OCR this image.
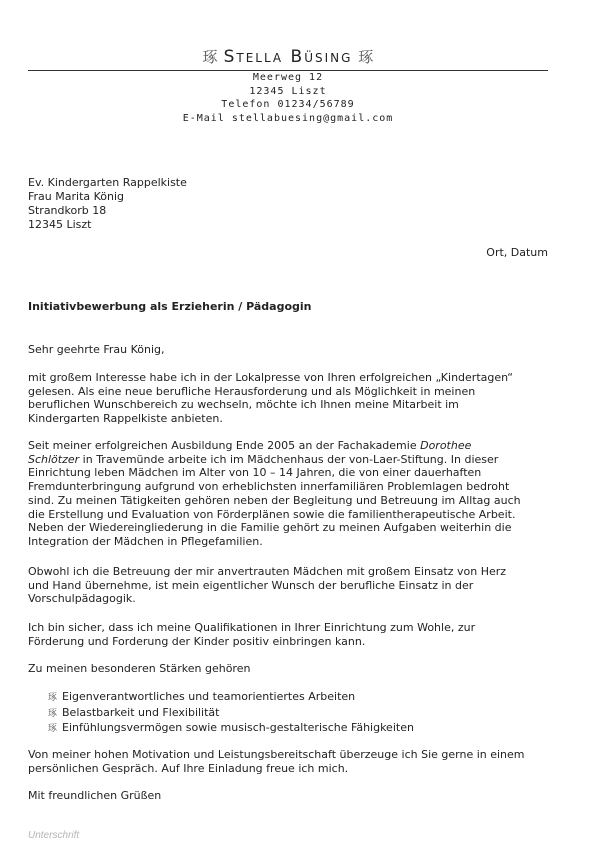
琢 Stella Büsing 琢
Meerweg 12
12345 Liszt
Telefon 01234/56789
E-Mail stellabuesing@gmail.com
Ev. Kindergarten Rappelkiste
Frau Marita König
Strandkorb 18
12345 Liszt
Ort, Datum
Initiativbewerbung als Erzieherin / Pädagogin
Sehr geehrte Frau König,
mit großem Interesse habe ich in der Lokalpresse von Ihren erfolgreichen „Kindertagen“
gelesen. Als eine neue berufliche Herausforderung und als Möglichkeit in meinen
beruflichen Wunschbereich zu wechseln, möchte ich Ihnen meine Mitarbeit im
Kindergarten Rappelkiste anbieten.
Seit meiner erfolgreichen Ausbildung Ende 2005 an der Fachakademie Dorothee
Schlötzer in Travemünde arbeite ich im Mädchenhaus der von-Laer-Stiftung. In dieser
Einrichtung leben Mädchen im Alter von 10 – 14 Jahren, die von einer dauerhaften
Fremdunterbringung aufgrund von erheblichsten innerfamiliären Problemlagen bedroht
sind. Zu meinen Tätigkeiten gehören neben der Begleitung und Betreuung im Alltag auch
die Erstellung und Evaluation von Förderplänen sowie die familientherapeutische Arbeit.
Neben der Wiedereingliederung in die Familie gehört zu meinen Aufgaben weiterhin die
Integration der Mädchen in Pflegefamilien.
Obwohl ich die Betreuung der mir anvertrauten Mädchen mit großem Einsatz von Herz
und Hand übernehme, ist mein eigentlicher Wunsch der berufliche Einsatz in der
Vorschulpädagogik.
Ich bin sicher, dass ich meine Qualifikationen in Ihrer Einrichtung zum Wohle, zur
Förderung und Forderung der Kinder positiv einbringen kann.
Zu meinen besonderen Stärken gehören
琢 Eigenverantwortliches und teamorientiertes Arbeiten
琢 Belastbarkeit und Flexibilität
琢 Einfühlungsvermögen sowie musisch-gestalterische Fähigkeiten
Von meiner hohen Motivation und Leistungsbereitschaft überzeuge ich Sie gerne in einem
persönlichen Gespräch. Auf Ihre Einladung freue ich mich.
Mit freundlichen Grüßen
Unterschrift
